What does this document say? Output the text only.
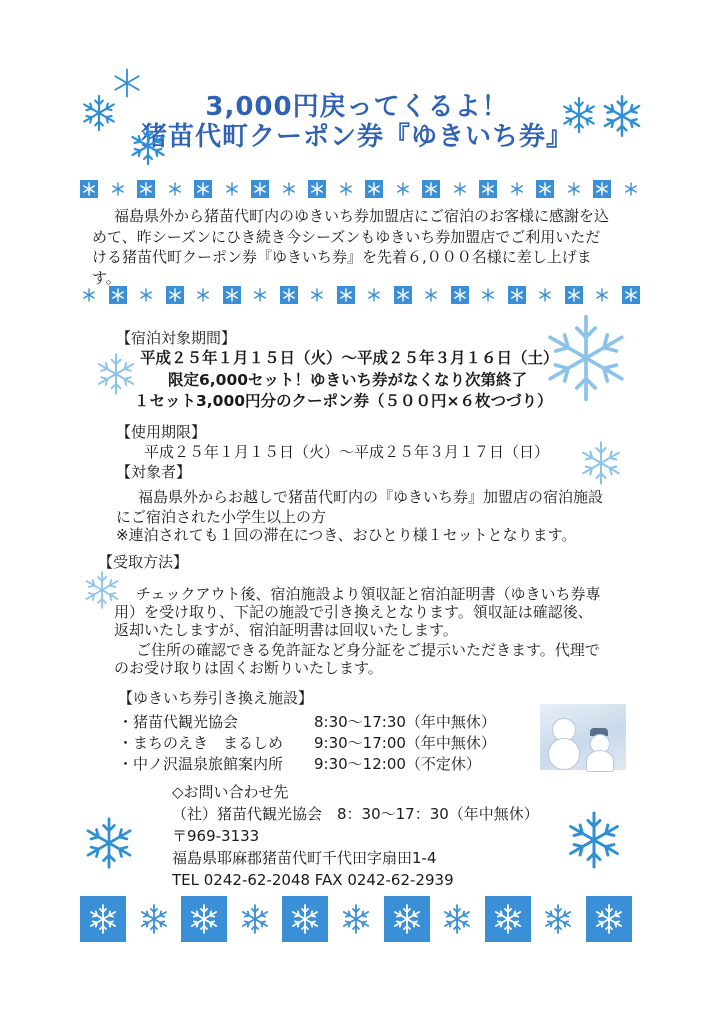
3,000円戻ってくるよ！
猪苗代町クーポン券『ゆきいち券』

福島県外から猪苗代町内のゆきいち券加盟店にご宿泊のお客様に感謝を込めて、昨シーズンにひき続き今シーズンもゆきいち券加盟店でご利用いただける猪苗代町クーポン券『ゆきいち券』を先着６,０００名様に差し上げます。

【宿泊対象期間】

平成２５年１月１５日（火）～平成２５年３月１６日（土）

限定6,000セット！ゆきいち券がなくなり次第終了

１セット3,000円分のクーポン券（５００円×６枚つづり）

【使用期限】

平成２５年１月１５日（火）～平成２５年３月１７日（日）

【対象者】

福島県外からお越しで猪苗代町内の『ゆきいち券』加盟店の宿泊施設

にご宿泊された小学生以上の方

※連泊されても１回の滞在につき、おひとり様１セットとなります。

【受取方法】

チェックアウト後、宿泊施設より領収証と宿泊証明書（ゆきいち券専

用）を受け取り、下記の施設で引き換えとなります。領収証は確認後、

返却いたしますが、宿泊証明書は回収いたします。

ご住所の確認できる免許証など身分証をご提示いただきます。代理で

のお受け取りは固くお断りいたします。

【ゆきいち券引き換え施設】

・猪苗代観光協会	8:30～17:30（年中無休）

・まちのえき　まるしめ 9:30～17:00（年中無休）

・中ノ沢温泉旅館案内所 9:30～12:00（不定休）

◇お問い合わせ先

（社）猪苗代観光協会　8：30～17：30（年中無休）

〒969-3133

福島県耶麻郡猪苗代町千代田字扇田1-4

TEL 0242-62-2048 FAX 0242-62-2939
